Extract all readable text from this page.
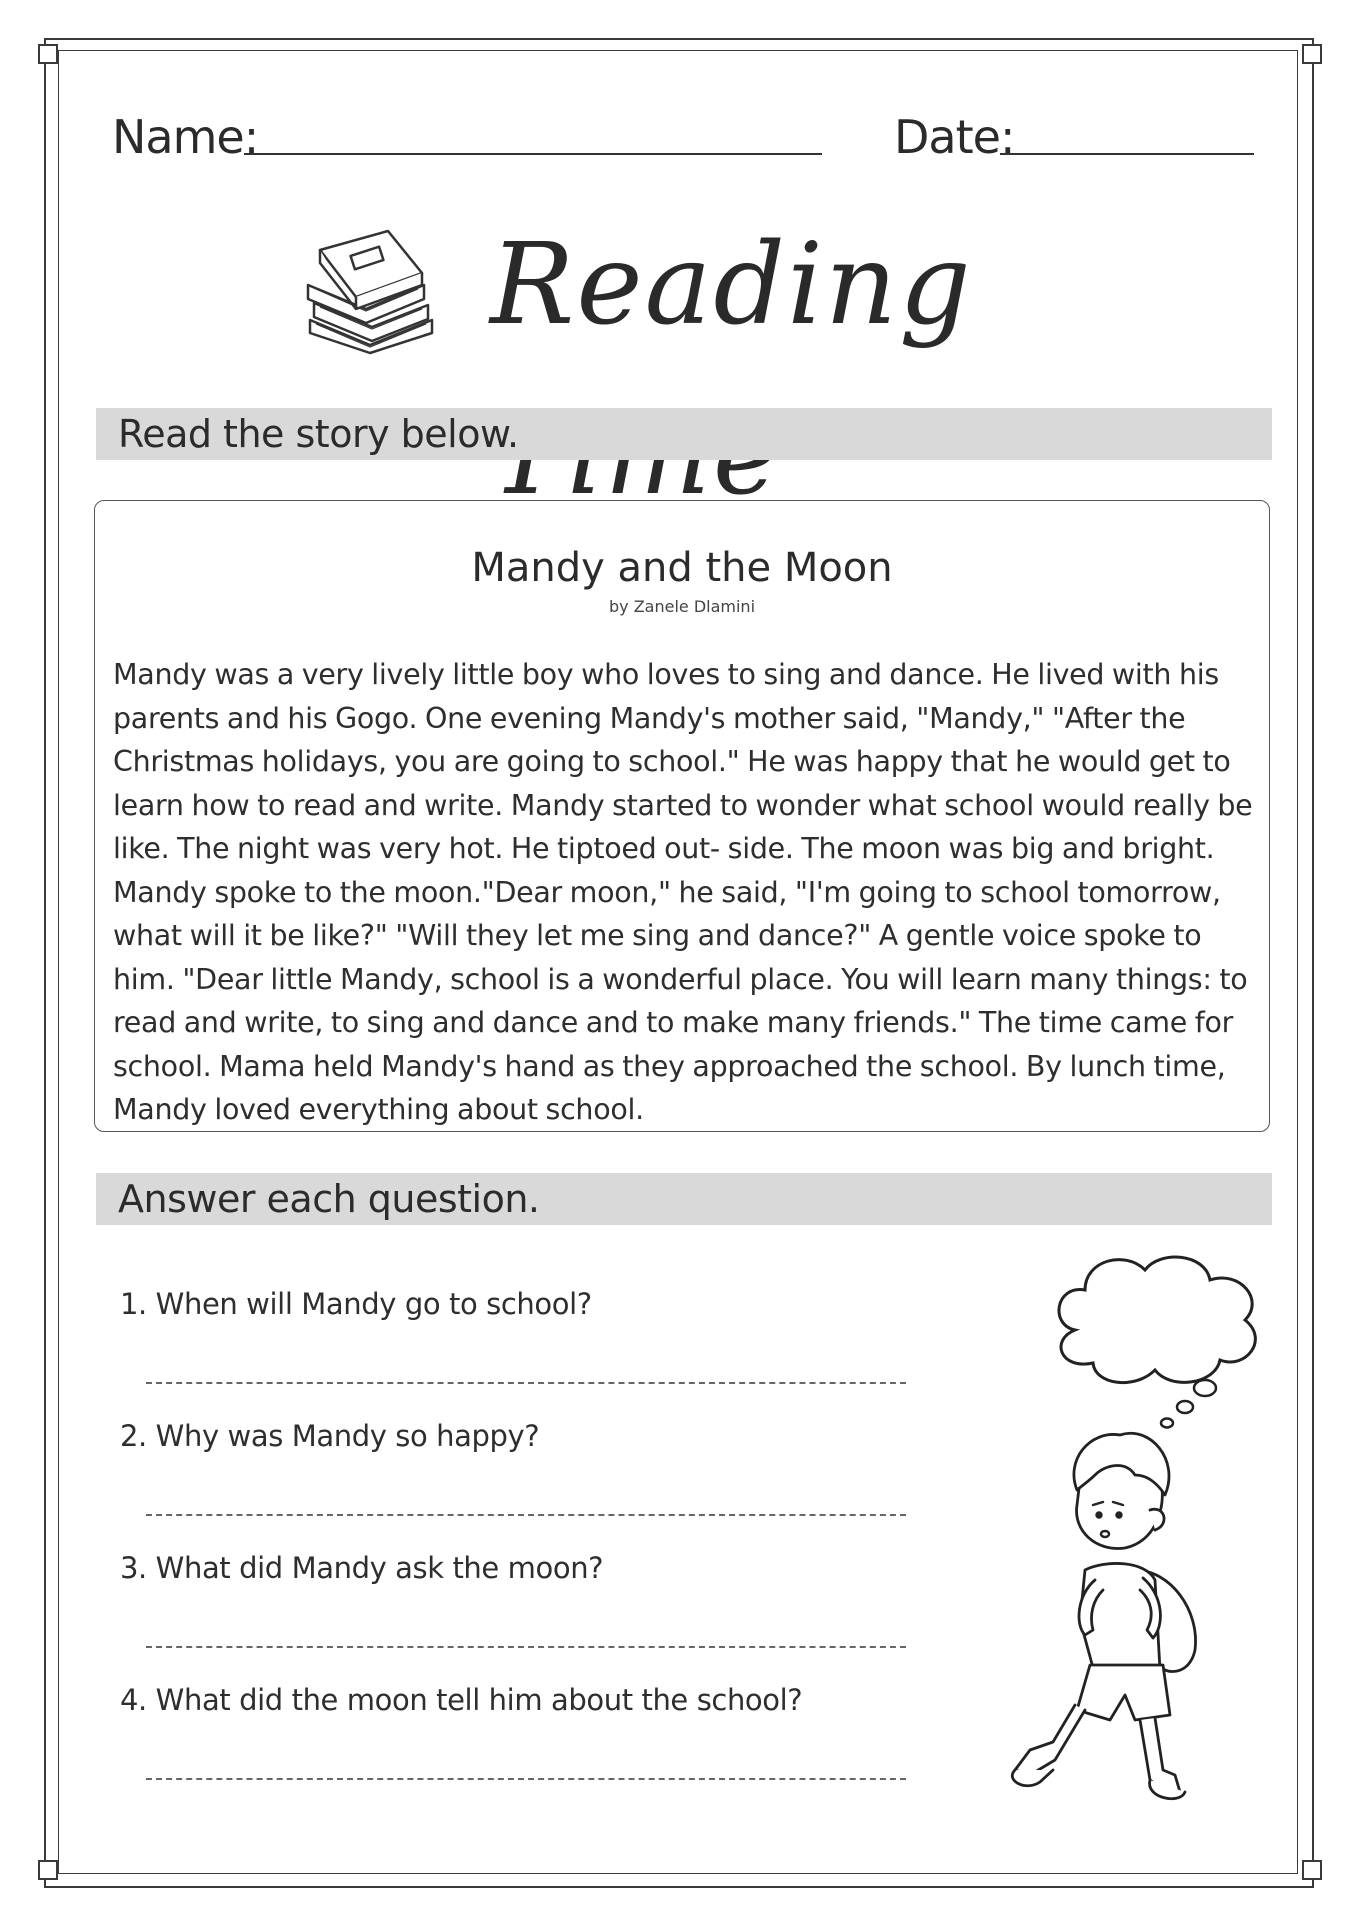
Name:	Date:
Reading
Read the story below.
Mandy and the Moon
by Zanele Dlamini
Mandy was a very lively little boy who loves to sing and dance. He lived with his parents and his Gogo. One evening Mandy's mother said, "Mandy," "After the Christmas holidays, you are going to school." He was happy that he would get to learn how to read and write. Mandy started to wonder what school would really be like. The night was very hot. He tiptoed out- side. The moon was big and bright. Mandy spoke to the moon."Dear moon," he said, "I'm going to school tomorrow, what will it be like?" "Will they let me sing and dance?" A gentle voice spoke to him. "Dear little Mandy, school is a wonderful place. You will learn many things: to read and write, to sing and dance and to make many friends." The time came for school. Mama held Mandy's hand as they approached the school. By lunch time, Mandy loved everything about school.
Answer each question.
1. When will Mandy go to school?
2. Why was Mandy so happy?
3. What did Mandy ask the moon?
4. What did the moon tell him about the school?
